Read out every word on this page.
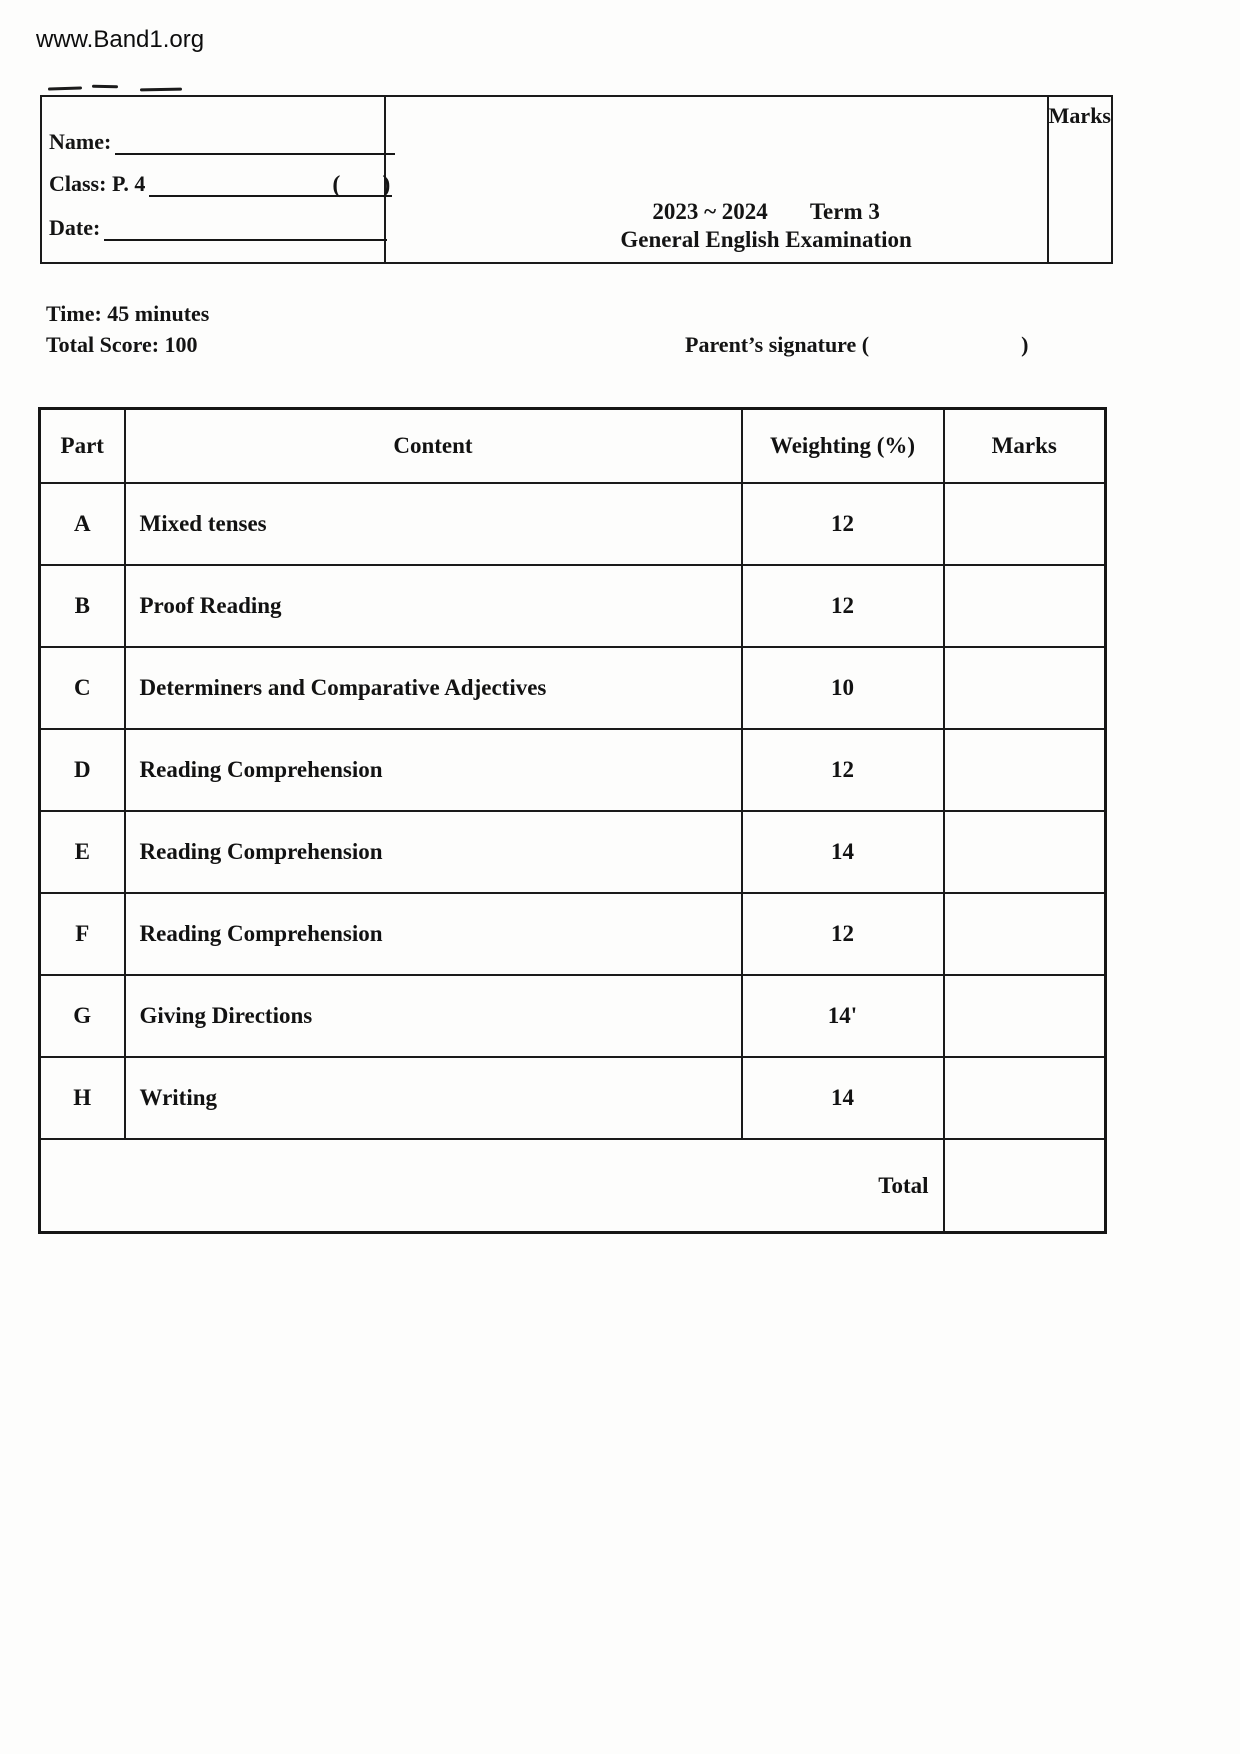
www.Band1.org
Name:
Class: P. 4	(       )
Date:
2023 ~ 2024 Term 3
General English Examination
Marks
Time: 45 minutes
Total Score: 100	Parent’s signature (	)
Part	Content	Weighting (%)	Marks
A	Mixed tenses	12	
B	Proof Reading	12	
C	Determiners and Comparative Adjectives	10	
D	Reading Comprehension	12	
E	Reading Comprehension	14	
F	Reading Comprehension	12	
G	Giving Directions	14'	
H	Writing	14	
Total			
